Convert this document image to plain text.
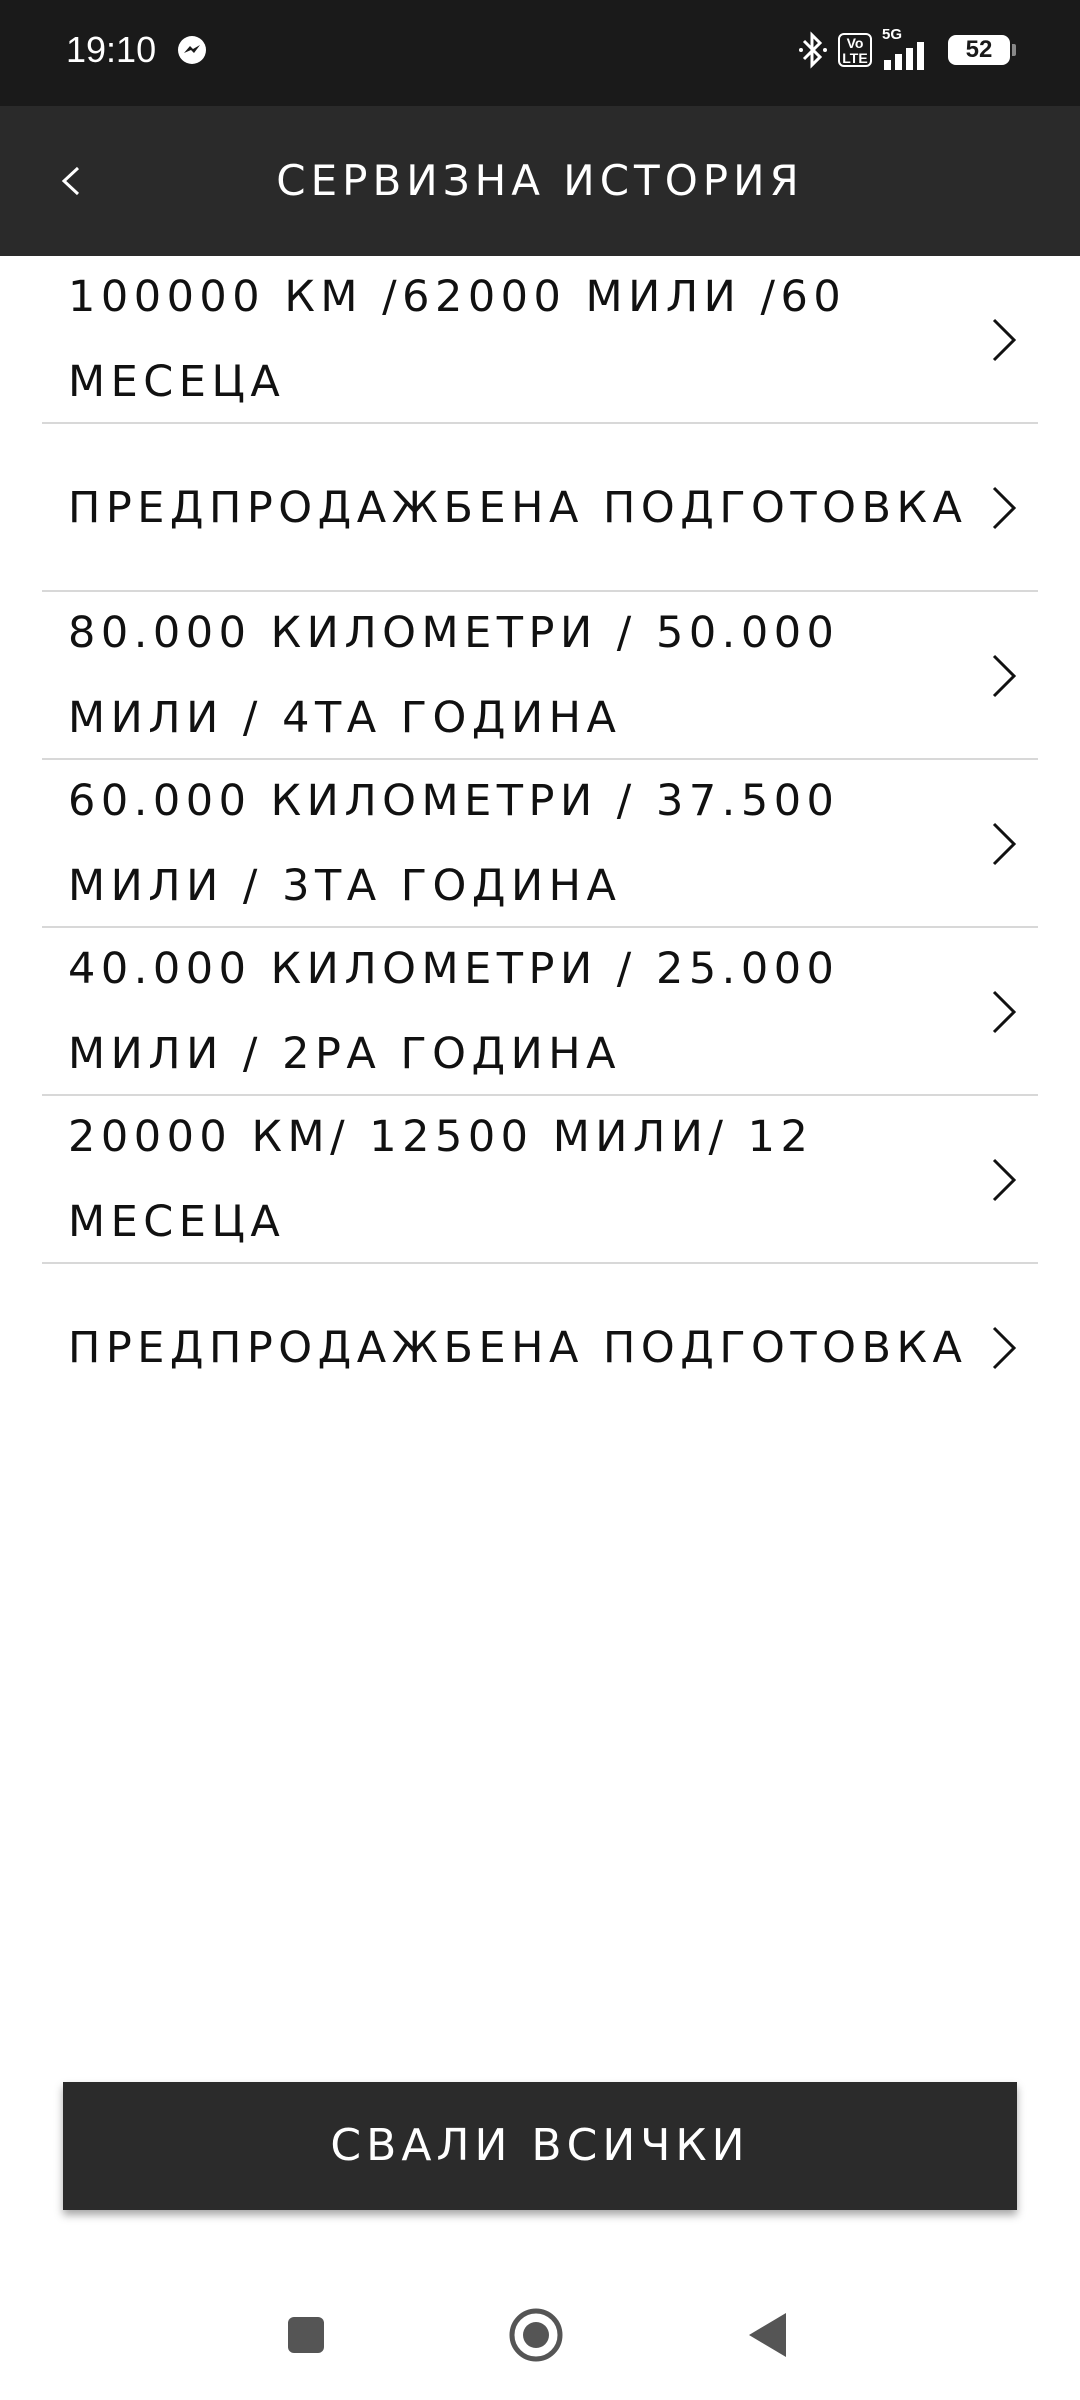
19:10	Vo
LTE
5G
52
СЕРВИЗНА ИСТОРИЯ
100000 КМ /62000 МИЛИ /60
МЕСЕЦА
ПРЕДПРОДАЖБЕНА ПОДГОТОВКА
80.000 КИЛОМЕТРИ / 50.000
МИЛИ / 4ТА ГОДИНА
60.000 КИЛОМЕТРИ / 37.500
МИЛИ / 3ТА ГОДИНА
40.000 КИЛОМЕТРИ / 25.000
МИЛИ / 2РА ГОДИНА
20000 КМ/ 12500 МИЛИ/ 12
МЕСЕЦА
ПРЕДПРОДАЖБЕНА ПОДГОТОВКА
СВАЛИ ВСИЧКИ
